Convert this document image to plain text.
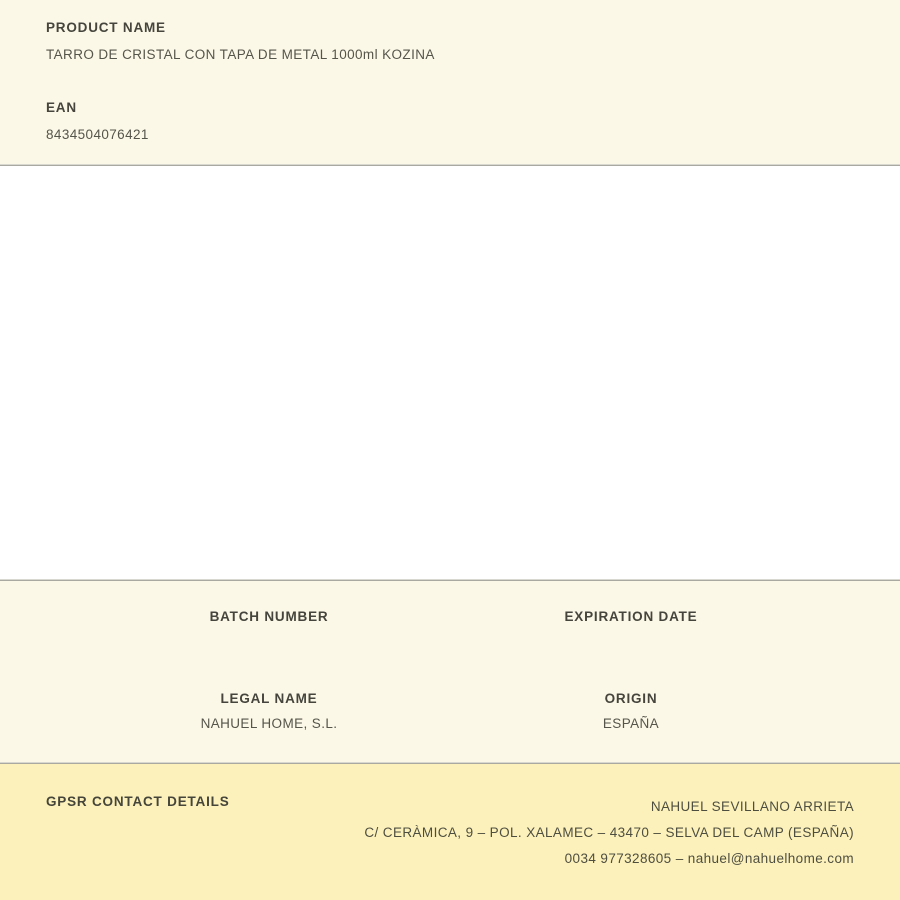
PRODUCT NAME
TARRO DE CRISTAL CON TAPA DE METAL 1000ml KOZINA
EAN
8434504076421
BATCH NUMBER	EXPIRATION DATE
LEGAL NAME
NAHUEL HOME, S.L.
ORIGIN
ESPAÑA
GPSR CONTACT DETAILS	NAHUEL SEVILLANO ARRIETA
C/ CERÀMICA, 9 – POL. XALAMEC – 43470 – SELVA DEL CAMP (ESPAÑA)
0034 977328605 – nahuel@nahuelhome.com
